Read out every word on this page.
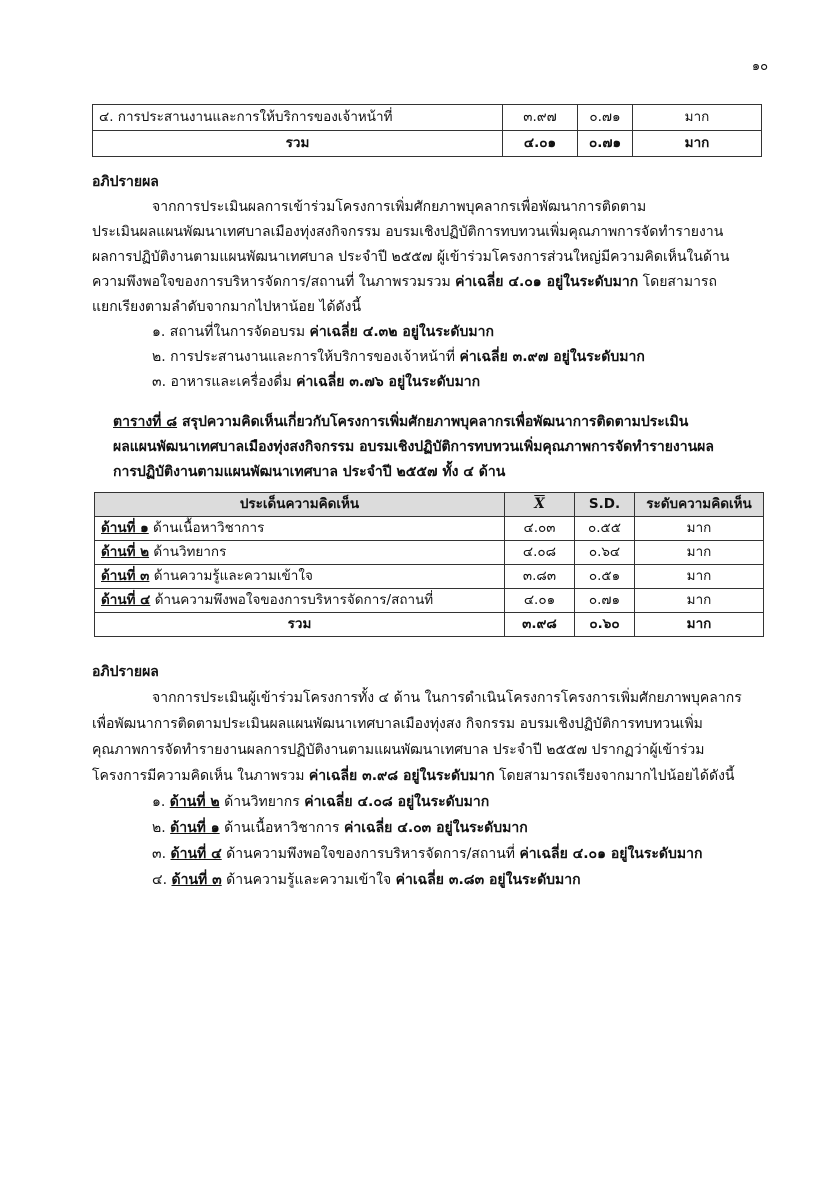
๑๐
๔. การประสานงานและการให้บริการของเจ้าหน้าที่	๓.๙๗	๐.๗๑	มาก
รวม	๔.๐๑	๐.๗๑	มาก
อภิปรายผล
จากการประเมินผลการเข้าร่วมโครงการเพิ่มศักยภาพบุคลากรเพื่อพัฒนาการติดตาม
ประเมินผลแผนพัฒนาเทศบาลเมืองทุ่งสงกิจกรรม อบรมเชิงปฏิบัติการทบทวนเพิ่มคุณภาพการจัดทำรายงาน
ผลการปฏิบัติงานตามแผนพัฒนาเทศบาล ประจำปี ๒๕๕๗ ผู้เข้าร่วมโครงการส่วนใหญ่มีความคิดเห็นในด้าน
ความพึงพอใจของการบริหารจัดการ/สถานที่ ในภาพรวมรวม ค่าเฉลี่ย ๔.๐๑ อยู่ในระดับมาก โดยสามารถ
แยกเรียงตามลำดับจากมากไปหาน้อย ได้ดังนี้
๑. สถานที่ในการจัดอบรม ค่าเฉลี่ย ๔.๓๒ อยู่ในระดับมาก
๒. การประสานงานและการให้บริการของเจ้าหน้าที่ ค่าเฉลี่ย ๓.๙๗ อยู่ในระดับมาก
๓. อาหารและเครื่องดื่ม ค่าเฉลี่ย ๓.๗๖ อยู่ในระดับมาก
ตารางที่ ๘ สรุปความคิดเห็นเกี่ยวกับโครงการเพิ่มศักยภาพบุคลากรเพื่อพัฒนาการติดตามประเมิน
ผลแผนพัฒนาเทศบาลเมืองทุ่งสงกิจกรรม อบรมเชิงปฏิบัติการทบทวนเพิ่มคุณภาพการจัดทำรายงานผล
การปฏิบัติงานตามแผนพัฒนาเทศบาล ประจำปี ๒๕๕๗ ทั้ง ๔ ด้าน
ประเด็นความคิดเห็น	$\overline{X}$	S.D.	ระดับความคิดเห็น
ด้านที่ ๑ ด้านเนื้อหาวิชาการ	๔.๐๓	๐.๕๕	มาก
ด้านที่ ๒ ด้านวิทยากร	๔.๐๘	๐.๖๔	มาก
ด้านที่ ๓ ด้านความรู้และความเข้าใจ	๓.๘๓	๐.๕๑	มาก
ด้านที่ ๔ ด้านความพึงพอใจของการบริหารจัดการ/สถานที่	๔.๐๑	๐.๗๑	มาก
รวม	๓.๙๘	๐.๖๐	มาก
อภิปรายผล
จากการประเมินผู้เข้าร่วมโครงการทั้ง ๔ ด้าน ในการดำเนินโครงการโครงการเพิ่มศักยภาพบุคลากร
เพื่อพัฒนาการติดตามประเมินผลแผนพัฒนาเทศบาลเมืองทุ่งสง กิจกรรม อบรมเชิงปฏิบัติการทบทวนเพิ่ม
คุณภาพการจัดทำรายงานผลการปฏิบัติงานตามแผนพัฒนาเทศบาล ประจำปี ๒๕๕๗ ปรากฏว่าผู้เข้าร่วม
โครงการมีความคิดเห็น ในภาพรวม ค่าเฉลี่ย ๓.๙๘ อยู่ในระดับมาก โดยสามารถเรียงจากมากไปน้อยได้ดังนี้
๑. ด้านที่ ๒ ด้านวิทยากร ค่าเฉลี่ย ๔.๐๘ อยู่ในระดับมาก
๒. ด้านที่ ๑ ด้านเนื้อหาวิชาการ ค่าเฉลี่ย ๔.๐๓ อยู่ในระดับมาก
๓. ด้านที่ ๔ ด้านความพึงพอใจของการบริหารจัดการ/สถานที่ ค่าเฉลี่ย ๔.๐๑ อยู่ในระดับมาก
๔. ด้านที่ ๓ ด้านความรู้และความเข้าใจ ค่าเฉลี่ย ๓.๘๓ อยู่ในระดับมาก
